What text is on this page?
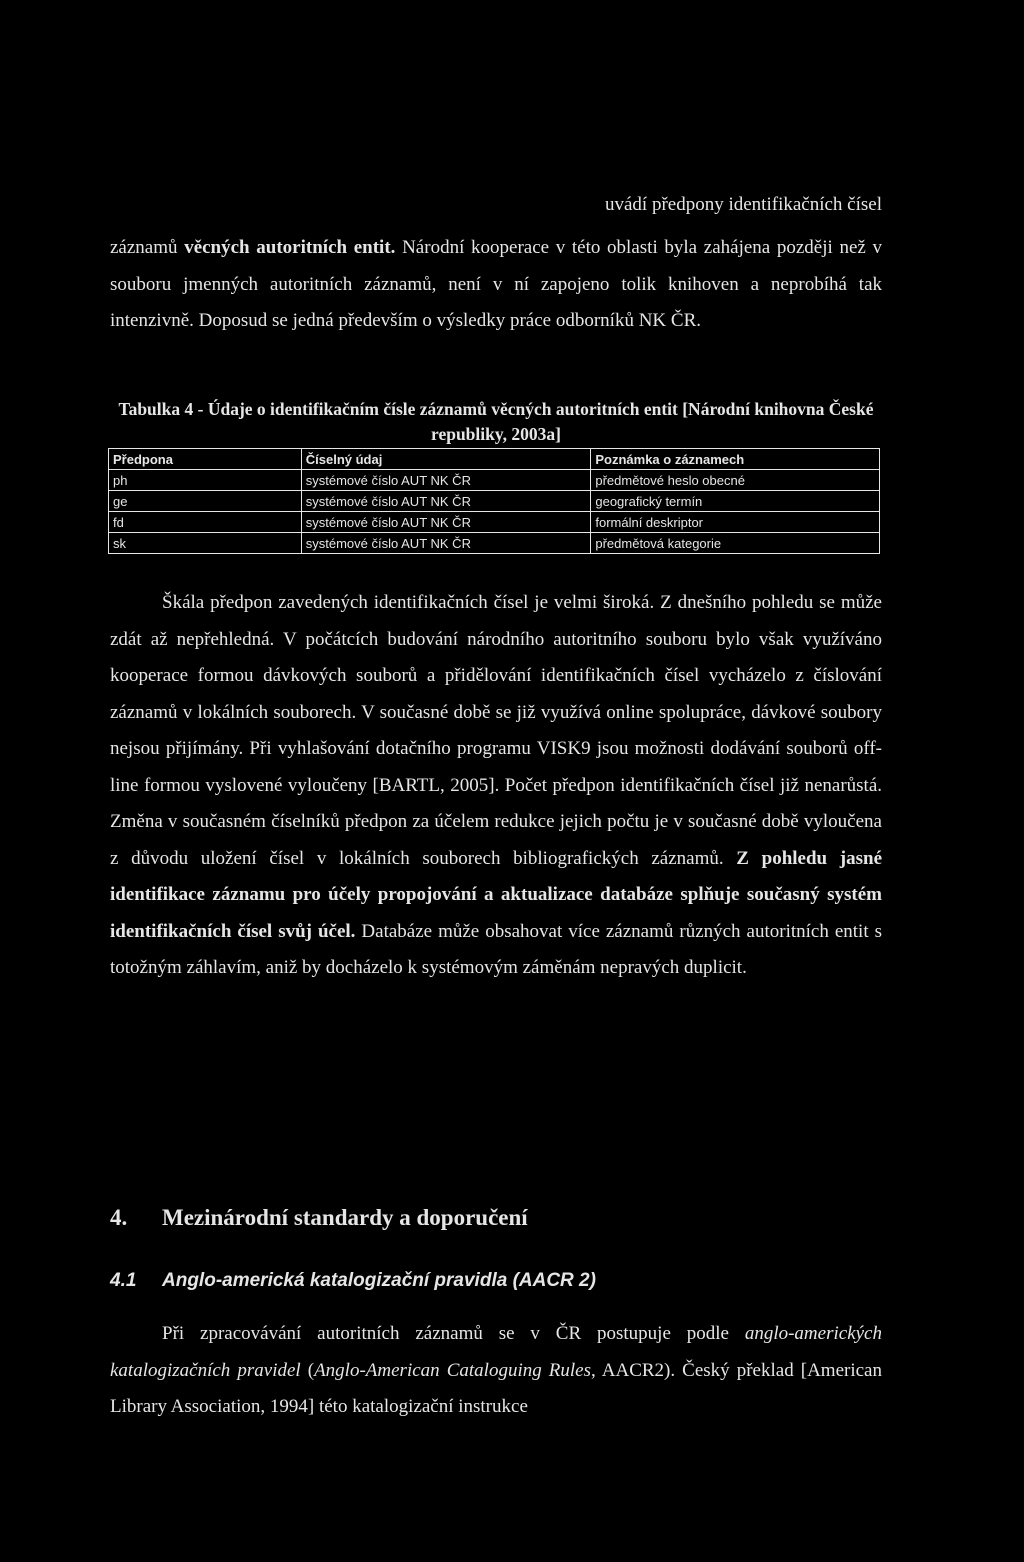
uvádí předpony identifikačních čísel

záznamů věcných autoritních entit. Národní kooperace v této oblasti byla zahájena později než v souboru jmenných autoritních záznamů, není v ní zapojeno tolik knihoven a neprobíhá tak intenzivně. Doposud se jedná především o výsledky práce odborníků NK ČR.

Tabulka 4 - Údaje o identifikačním čísle záznamů věcných autoritních entit [Národní knihovna České republiky, 2003a]

Předpona	Číselný údaj	Poznámka o záznamech
ph	systémové číslo AUT NK ČR	předmětové heslo obecné
ge	systémové číslo AUT NK ČR	geografický termín
fd	systémové číslo AUT NK ČR	formální deskriptor
sk	systémové číslo AUT NK ČR	předmětová kategorie

Škála předpon zavedených identifikačních čísel je velmi široká. Z dnešního pohledu se může zdát až nepřehledná. V počátcích budování národního autoritního souboru bylo však využíváno kooperace formou dávkových souborů a přidělování identifikačních čísel vycházelo z číslování záznamů v lokálních souborech. V současné době se již využívá online spolupráce, dávkové soubory nejsou přijímány. Při vyhlašování dotačního programu VISK9 jsou možnosti dodávání souborů off-line formou vyslovené vyloučeny [BARTL, 2005]. Počet předpon identifikačních čísel již nenarůstá. Změna v současném číselníků předpon za účelem redukce jejich počtu je v současné době vyloučena z důvodu uložení čísel v lokálních souborech bibliografických záznamů. Z pohledu jasné identifikace záznamu pro účely propojování a aktualizace databáze splňuje současný systém identifikačních čísel svůj účel. Databáze může obsahovat více záznamů různých autoritních entit s totožným záhlavím, aniž by docházelo k systémovým záměnám nepravých duplicit.

4. Mezinárodní standardy a doporučení
4.1 Anglo-americká katalogizační pravidla (AACR 2)

Při zpracovávání autoritních záznamů se v ČR postupuje podle anglo-amerických katalogizačních pravidel (Anglo-American Cataloguing Rules, AACR2). Český překlad [American Library Association, 1994] této katalogizační instrukce
